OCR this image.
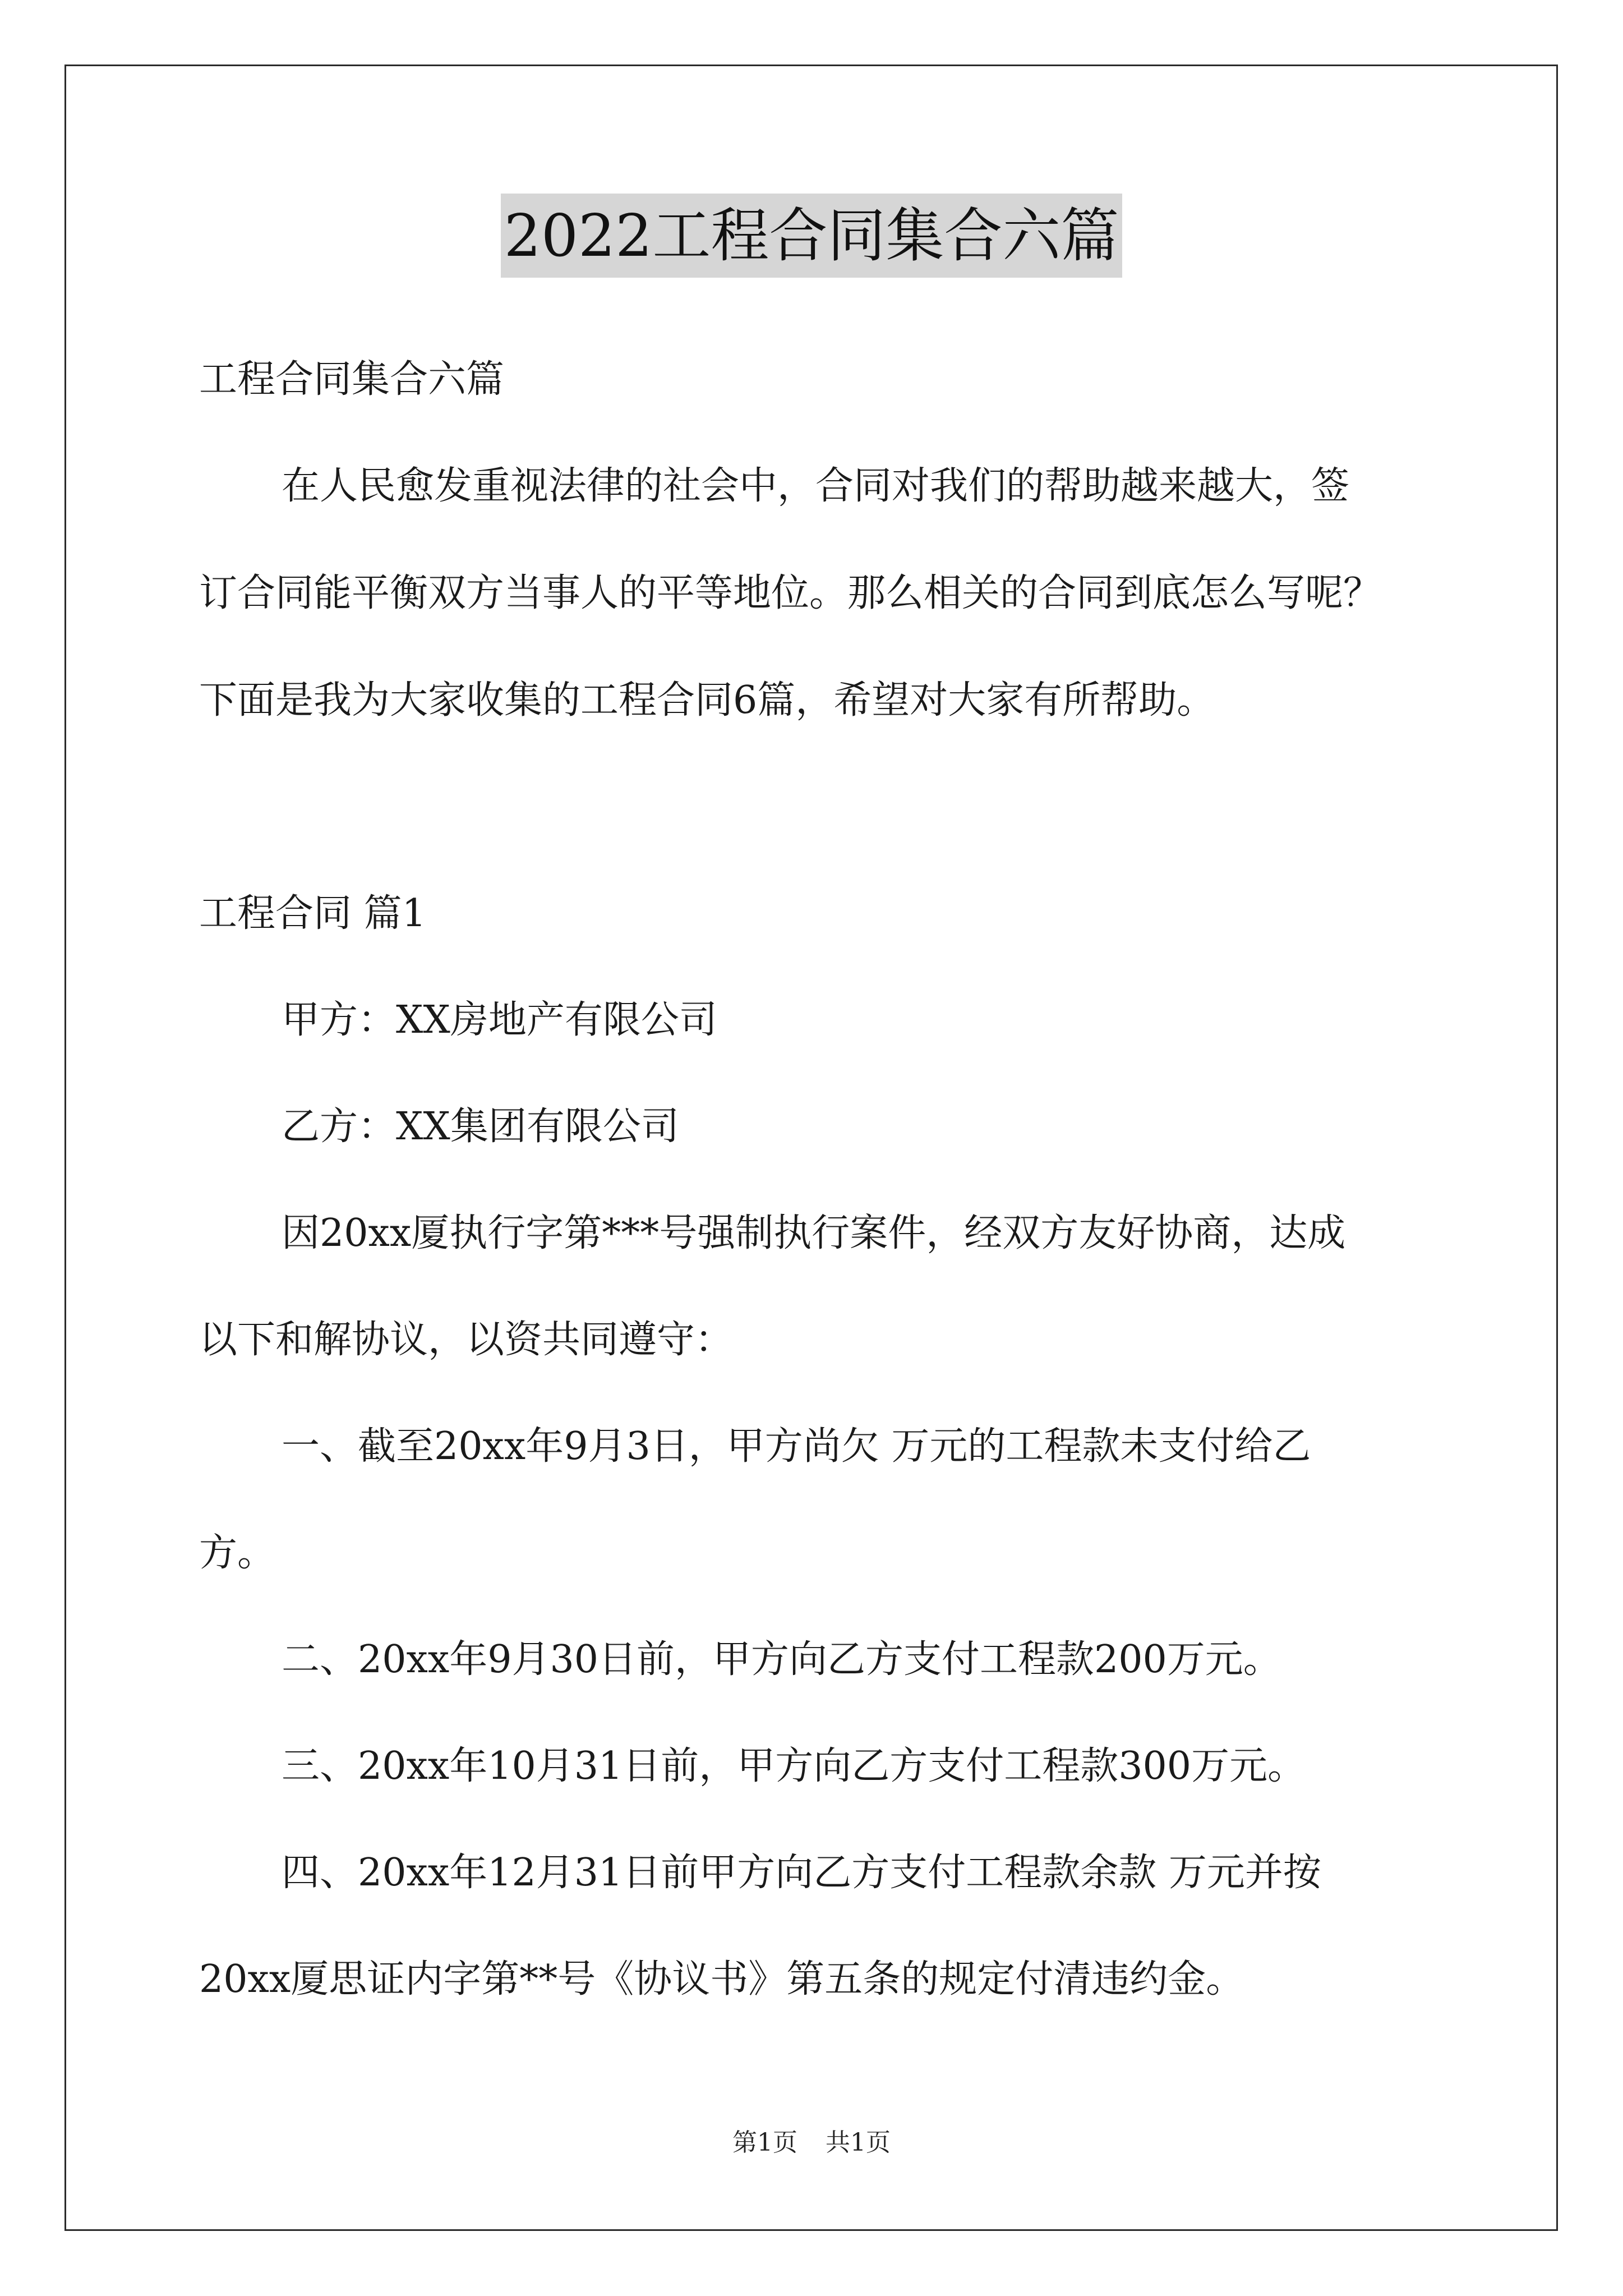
2022工程合同集合六篇
工程合同集合六篇
在人民愈发重视法律的社会中，合同对我们的帮助越来越大，签
订合同能平衡双方当事人的平等地位。那么相关的合同到底怎么写呢？
下面是我为大家收集的工程合同6篇，希望对大家有所帮助。
工程合同 篇1
甲方：XX房地产有限公司
乙方：XX集团有限公司
因20xx厦执行字第***号强制执行案件，经双方友好协商，达成
以下和解协议，以资共同遵守：
一、截至20xx年9月3日，甲方尚欠 万元的工程款未支付给乙
方。
二、20xx年9月30日前，甲方向乙方支付工程款200万元。
三、20xx年10月31日前，甲方向乙方支付工程款300万元。
四、20xx年12月31日前甲方向乙方支付工程款余款 万元并按
20xx厦思证内字第**号《协议书》第五条的规定付清违约金。
第1页 共1页
